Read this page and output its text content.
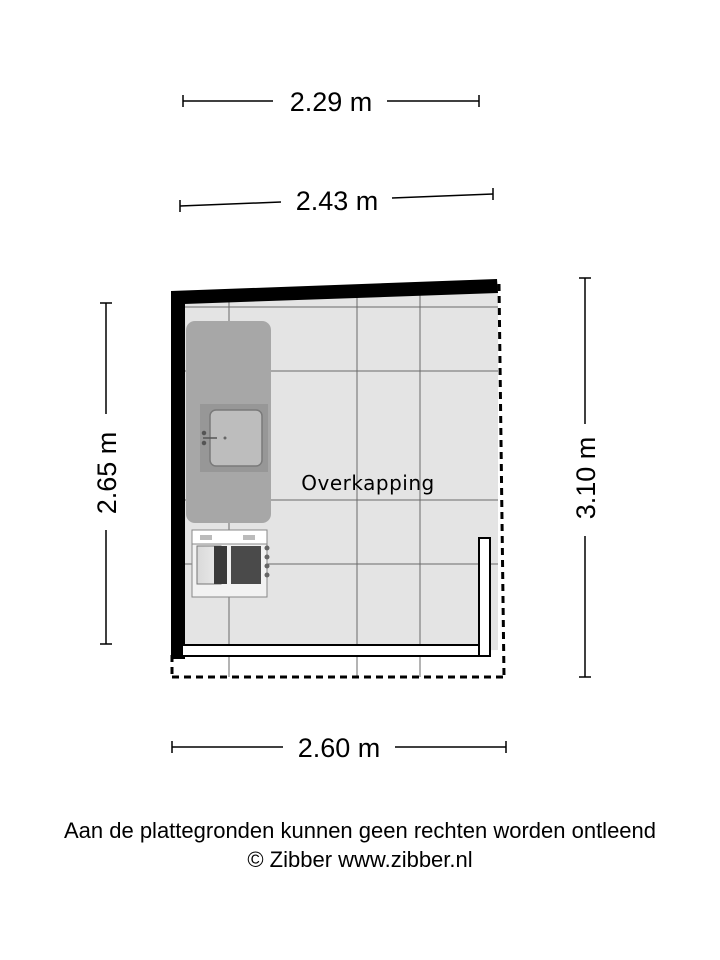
Overkapping
2.29 m
2.43 m
2.65 m	3.10 m
2.60 m
Aan de plattegronden kunnen geen rechten worden ontleend
© Zibber www.zibber.nl
